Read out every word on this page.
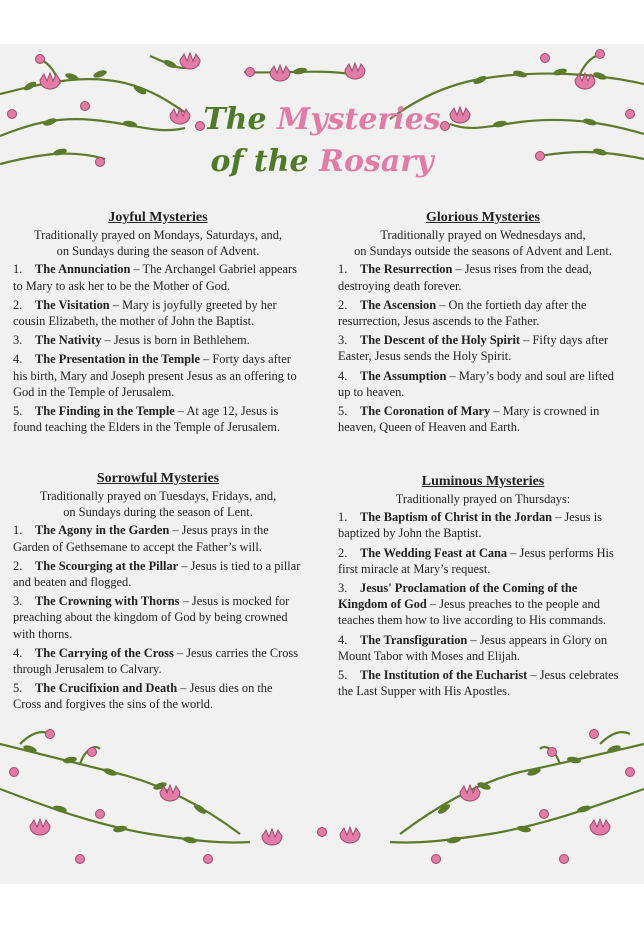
The Mysteries
of the Rosary

Joyful Mysteries

Traditionally prayed on Mondays, Saturdays, and,
on Sundays during the season of Advent.

1. The Annunciation – The Archangel Gabriel appears to Mary to ask her to be the Mother of God.

2. The Visitation – Mary is joyfully greeted by her cousin Elizabeth, the mother of John the Baptist.

3. The Nativity – Jesus is born in Bethlehem.

4. The Presentation in the Temple – Forty days after his birth, Mary and Joseph present Jesus as an offering to God in the Temple of Jerusalem.

5. The Finding in the Temple – At age 12, Jesus is found teaching the Elders in the Temple of Jerusalem.

Sorrowful Mysteries

Traditionally prayed on Tuesdays, Fridays, and,
on Sundays during the season of Lent.

1. The Agony in the Garden – Jesus prays in the Garden of Gethsemane to accept the Father’s will.

2. The Scourging at the Pillar – Jesus is tied to a pillar and beaten and flogged.

3. The Crowning with Thorns – Jesus is mocked for preaching about the kingdom of God by being crowned with thorns.

4. The Carrying of the Cross – Jesus carries the Cross through Jerusalem to Calvary.

5. The Crucifixion and Death – Jesus dies on the Cross and forgives the sins of the world.

Glorious Mysteries

Traditionally prayed on Wednesdays and,
on Sundays outside the seasons of Advent and Lent.

1. The Resurrection – Jesus rises from the dead, destroying death forever.

2. The Ascension – On the fortieth day after the resurrection, Jesus ascends to the Father.

3. The Descent of the Holy Spirit – Fifty days after Easter, Jesus sends the Holy Spirit.

4. The Assumption – Mary’s body and soul are lifted up to heaven.

5. The Coronation of Mary – Mary is crowned in heaven, Queen of Heaven and Earth.

Luminous Mysteries

Traditionally prayed on Thursdays:

1. The Baptism of Christ in the Jordan – Jesus is baptized by John the Baptist.

2. The Wedding Feast at Cana – Jesus performs His first miracle at Mary’s request.

3. Jesus' Proclamation of the Coming of the Kingdom of God – Jesus preaches to the people and teaches them how to live according to His commands.

4. The Transfiguration – Jesus appears in Glory on Mount Tabor with Moses and Elijah.

5. The Institution of the Eucharist – Jesus celebrates the Last Supper with His Apostles.
